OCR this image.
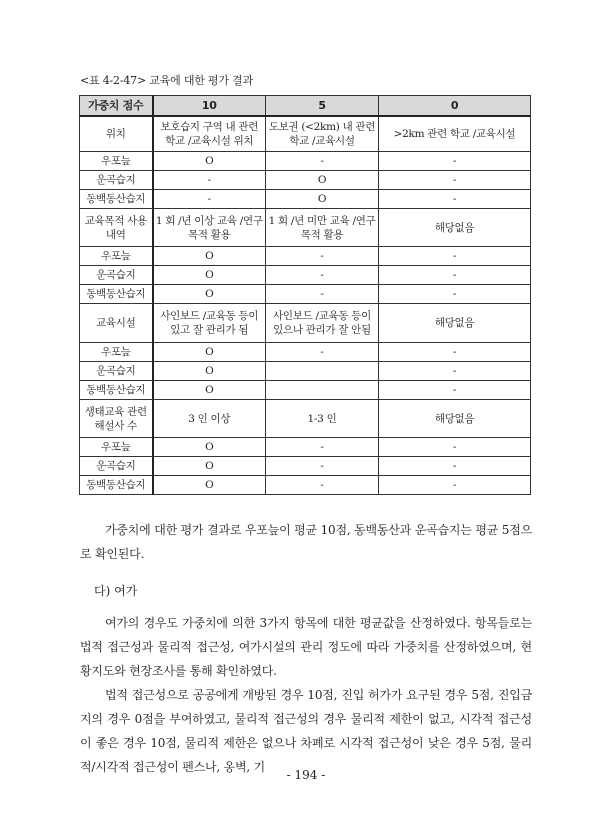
<표 4-2-47> 교육에 대한 평가 결과
가중치 점수	10	5	0
위치	보호습지 구역 내 관련 학교 /교육시설 위치	도보권 (<2km) 내 관련 학교 /교육시설	>2km 관련 학교 /교육시설
우포늪	O	-	-
운곡습지	-	O	-
동백동산습지	-	O	-
교육목적 사용 내역	1 회 /년 이상 교육 /연구목적 활용	1 회 /년 미만 교육 /연구목적 활용	해당없음
우포늪	O	-	-
운곡습지	O	-	-
동백동산습지	O	-	-
교육시설	사인보드 /교육동 등이 있고 잘 관리가 됨	사인보드 /교육동 등이 있으나 관리가 잘 안됨	해당없음
우포늪	O	-	-
운곡습지	O		-
동백동산습지	O		-
생태교육 관련 해설사 수	3 인 이상	1-3 인	해당없음
우포늪	O	-	-
운곡습지	O	-	-
동백동산습지	O	-	-
가중치에 대한 평가 결과로 우포늪이 평균 10점, 동백동산과 운곡습지는 평균 5점으로 확인된다.
다) 여가
여가의 경우도 가중치에 의한 3가지 항목에 대한 평균값을 산정하였다. 항목들로는 법적 접근성과 물리적 접근성, 여가시설의 관리 정도에 따라 가중치를 산정하였으며, 현황지도와 현장조사를 통해 확인하였다.
법적 접근성으로 공공에게 개방된 경우 10점, 진입 허가가 요구된 경우 5점, 진입금지의 경우 0점을 부여하였고, 물리적 접근성의 경우 물리적 제한이 없고, 시각적 접근성이 좋은 경우 10점, 물리적 제한은 없으나 차폐로 시각적 접근성이 낮은 경우 5점, 물리적/시각적 접근성이 펜스나, 옹벽, 기
- 194 -
